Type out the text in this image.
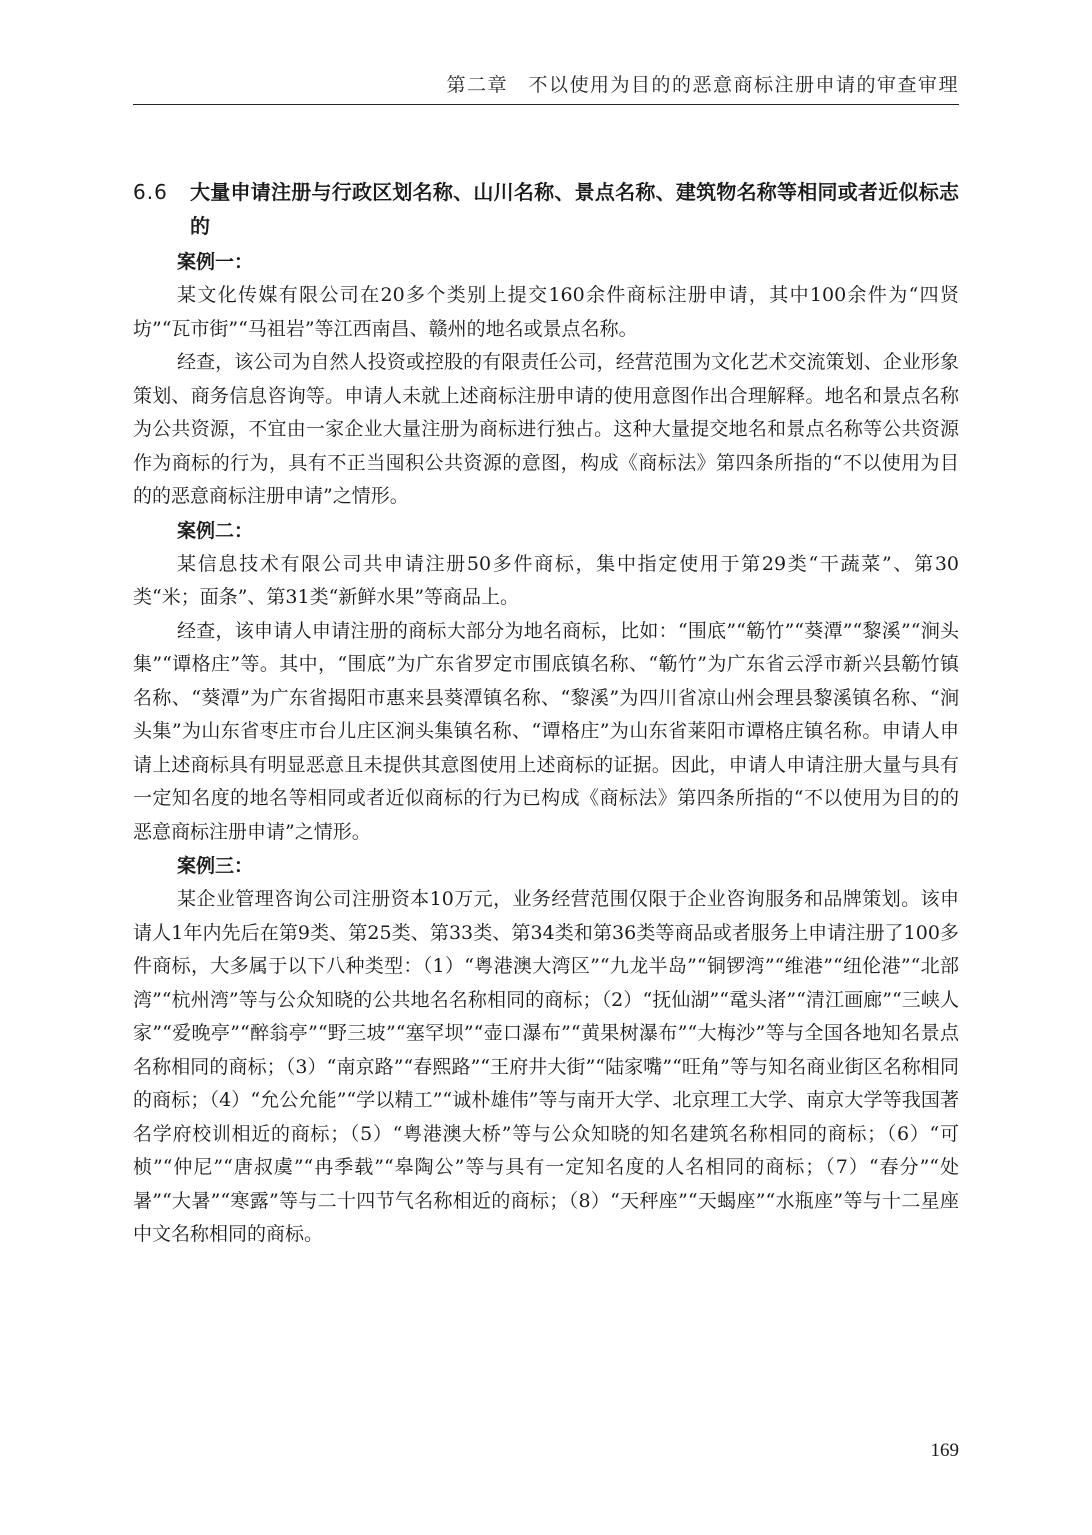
第二章　不以使用为目的的恶意商标注册申请的审查审理
6.6	大量申请注册与行政区划名称、山川名称、景点名称、建筑物名称等相同或者近似标志的
案例一：

某文化传媒有限公司在20多个类别上提交160余件商标注册申请，其中100余件为“四贤坊”“瓦市街”“马祖岩”等江西南昌、赣州的地名或景点名称。

经查，该公司为自然人投资或控股的有限责任公司，经营范围为文化艺术交流策划、企业形象策划、商务信息咨询等。申请人未就上述商标注册申请的使用意图作出合理解释。地名和景点名称为公共资源，不宜由一家企业大量注册为商标进行独占。这种大量提交地名和景点名称等公共资源作为商标的行为，具有不正当囤积公共资源的意图，构成《商标法》第四条所指的“不以使用为目的的恶意商标注册申请”之情形。

案例二：

某信息技术有限公司共申请注册50多件商标，集中指定使用于第29类“干蔬菜”、第30类“米；面条”、第31类“新鲜水果”等商品上。

经查，该申请人申请注册的商标大部分为地名商标，比如：“围底”“簕竹”“葵潭”“黎溪”“涧头集”“谭格庄”等。其中，“围底”为广东省罗定市围底镇名称、“簕竹”为广东省云浮市新兴县簕竹镇名称、“葵潭”为广东省揭阳市惠来县葵潭镇名称、“黎溪”为四川省凉山州会理县黎溪镇名称、“涧头集”为山东省枣庄市台儿庄区涧头集镇名称、“谭格庄”为山东省莱阳市谭格庄镇名称。申请人申请上述商标具有明显恶意且未提供其意图使用上述商标的证据。因此，申请人申请注册大量与具有一定知名度的地名等相同或者近似商标的行为已构成《商标法》第四条所指的“不以使用为目的的恶意商标注册申请”之情形。

案例三：

某企业管理咨询公司注册资本10万元，业务经营范围仅限于企业咨询服务和品牌策划。该申请人1年内先后在第9类、第25类、第33类、第34类和第36类等商品或者服务上申请注册了100多件商标，大多属于以下八种类型：（1）“粤港澳大湾区”“九龙半岛”“铜锣湾”“维港”“纽伦港”“北部湾”“杭州湾”等与公众知晓的公共地名名称相同的商标；（2）“抚仙湖”“鼋头渚”“清江画廊”“三峡人家”“爱晚亭”“醉翁亭”“野三坡”“塞罕坝”“壶口瀑布”“黄果树瀑布”“大梅沙”等与全国各地知名景点名称相同的商标；（3）“南京路”“春熙路”“王府井大街”“陆家嘴”“旺角”等与知名商业街区名称相同的商标；（4）“允公允能”“学以精工”“诚朴雄伟”等与南开大学、北京理工大学、南京大学等我国著名学府校训相近的商标；（5）“粤港澳大桥”等与公众知晓的知名建筑名称相同的商标；（6）“可桢”“仲尼”“唐叔虞”“冉季载”“皋陶公”等与具有一定知名度的人名相同的商标；（7）“春分”“处暑”“大暑”“寒露”等与二十四节气名称相近的商标；（8）“天秤座”“天蝎座”“水瓶座”等与十二星座中文名称相同的商标。

169
